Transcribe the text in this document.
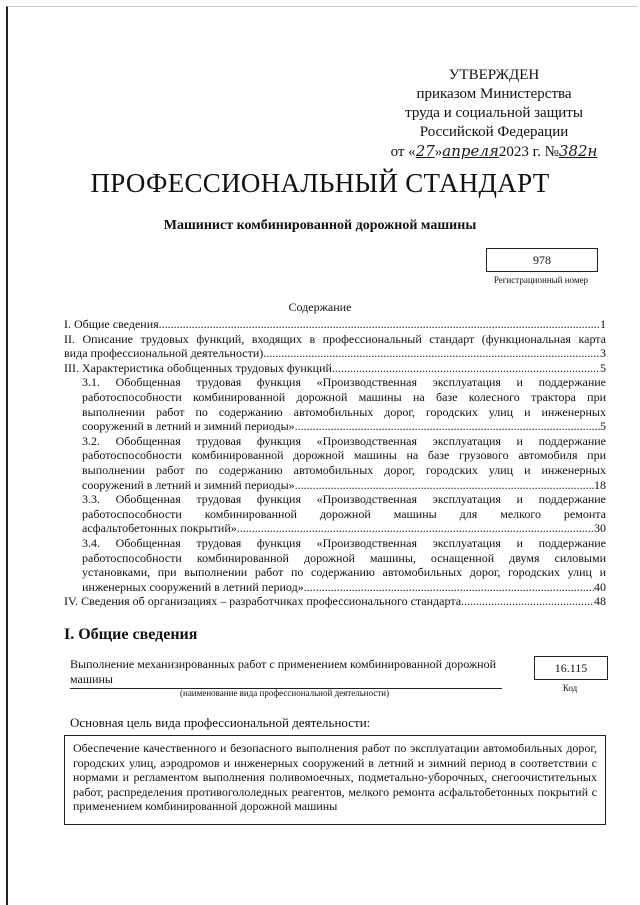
УТВЕРЖДЕН
приказом Министерства
труда и социальной защиты
Российской Федерации
от «27»апреля2023 г. №382н
ПРОФЕССИОНАЛЬНЫЙ СТАНДАРТ
Машинист комбинированной дорожной машины
978
Регистрационный номер
Содержание
I. Общие сведения .....	1
II. Описание трудовых функций, входящих в профессиональный стандарт (функциональная карта
вида профессиональной деятельности) .....	3
III. Характеристика обобщенных трудовых функций .....	5
3.1. Обобщенная трудовая функция «Производственная эксплуатация и поддержание
работоспособности комбинированной дорожной машины на базе колесного трактора при
выполнении работ по содержанию автомобильных дорог, городских улиц и инженерных
сооружений в летний и зимний периоды» .....	5
3.2. Обобщенная трудовая функция «Производственная эксплуатация и поддержание
работоспособности комбинированной дорожной машины на базе грузового автомобиля при
выполнении работ по содержанию автомобильных дорог, городских улиц и инженерных
сооружений в летний и зимний периоды» .....	18
3.3. Обобщенная трудовая функция «Производственная эксплуатация и поддержание
работоспособности комбинированной дорожной машины для мелкого ремонта
асфальтобетонных покрытий» .....	30
3.4. Обобщенная трудовая функция «Производственная эксплуатация и поддержание
работоспособности комбинированной дорожной машины, оснащенной двумя силовыми
установками, при выполнении работ по содержанию автомобильных дорог, городских улиц и
инженерных сооружений в летний период» .....	40
IV. Сведения об организациях – разработчиках профессионального стандарта .....	48
I. Общие сведения
Выполнение механизированных работ с применением комбинированной дорожной машины
(наименование вида профессиональной деятельности)
16.115
Код
Основная цель вида профессиональной деятельности:
Обеспечение качественного и безопасного выполнения работ по эксплуатации автомобильных дорог, городских улиц, аэродромов и инженерных сооружений в летний и зимний период в соответствии с нормами и регламентом выполнения поливомоечных, подметально-уборочных, снегоочистительных работ, распределения противогололедных реагентов, мелкого ремонта асфальтобетонных покрытий с применением комбинированной дорожной машины
